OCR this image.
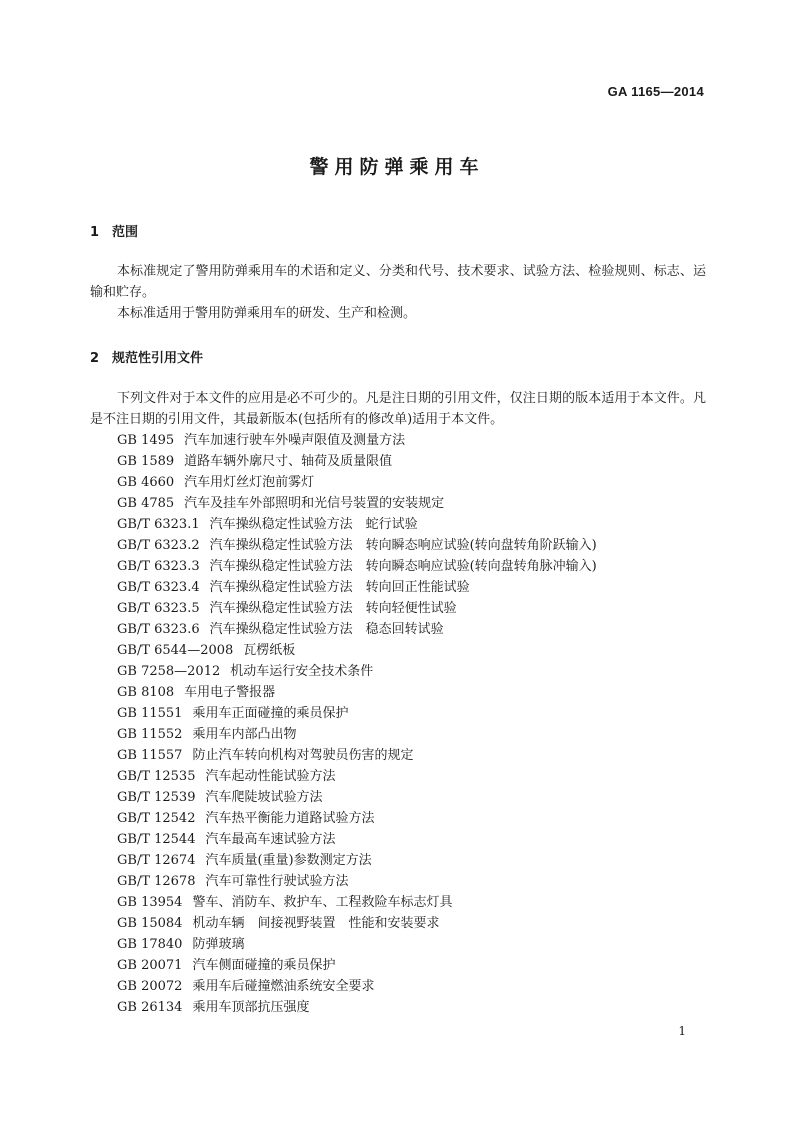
GA 1165—2014
警用防弹乘用车
1 范围
本标准规定了警用防弹乘用车的术语和定义、分类和代号、技术要求、试验方法、检验规则、标志、运输和贮存。
本标准适用于警用防弹乘用车的研发、生产和检测。
2 规范性引用文件
下列文件对于本文件的应用是必不可少的。凡是注日期的引用文件，仅注日期的版本适用于本文件。凡是不注日期的引用文件，其最新版本(包括所有的修改单)适用于本文件。
GB 1495 汽车加速行驶车外噪声限值及测量方法
GB 1589 道路车辆外廓尺寸、轴荷及质量限值
GB 4660 汽车用灯丝灯泡前雾灯
GB 4785 汽车及挂车外部照明和光信号装置的安装规定
GB/T 6323.1 汽车操纵稳定性试验方法　蛇行试验
GB/T 6323.2 汽车操纵稳定性试验方法　转向瞬态响应试验(转向盘转角阶跃输入)
GB/T 6323.3 汽车操纵稳定性试验方法　转向瞬态响应试验(转向盘转角脉冲输入)
GB/T 6323.4 汽车操纵稳定性试验方法　转向回正性能试验
GB/T 6323.5 汽车操纵稳定性试验方法　转向轻便性试验
GB/T 6323.6 汽车操纵稳定性试验方法　稳态回转试验
GB/T 6544—2008 瓦楞纸板
GB 7258—2012 机动车运行安全技术条件
GB 8108 车用电子警报器
GB 11551 乘用车正面碰撞的乘员保护
GB 11552 乘用车内部凸出物
GB 11557 防止汽车转向机构对驾驶员伤害的规定
GB/T 12535 汽车起动性能试验方法
GB/T 12539 汽车爬陡坡试验方法
GB/T 12542 汽车热平衡能力道路试验方法
GB/T 12544 汽车最高车速试验方法
GB/T 12674 汽车质量(重量)参数测定方法
GB/T 12678 汽车可靠性行驶试验方法
GB 13954 警车、消防车、救护车、工程救险车标志灯具
GB 15084 机动车辆　间接视野装置　性能和安装要求
GB 17840 防弹玻璃
GB 20071 汽车侧面碰撞的乘员保护
GB 20072 乘用车后碰撞燃油系统安全要求
GB 26134 乘用车顶部抗压强度
1
